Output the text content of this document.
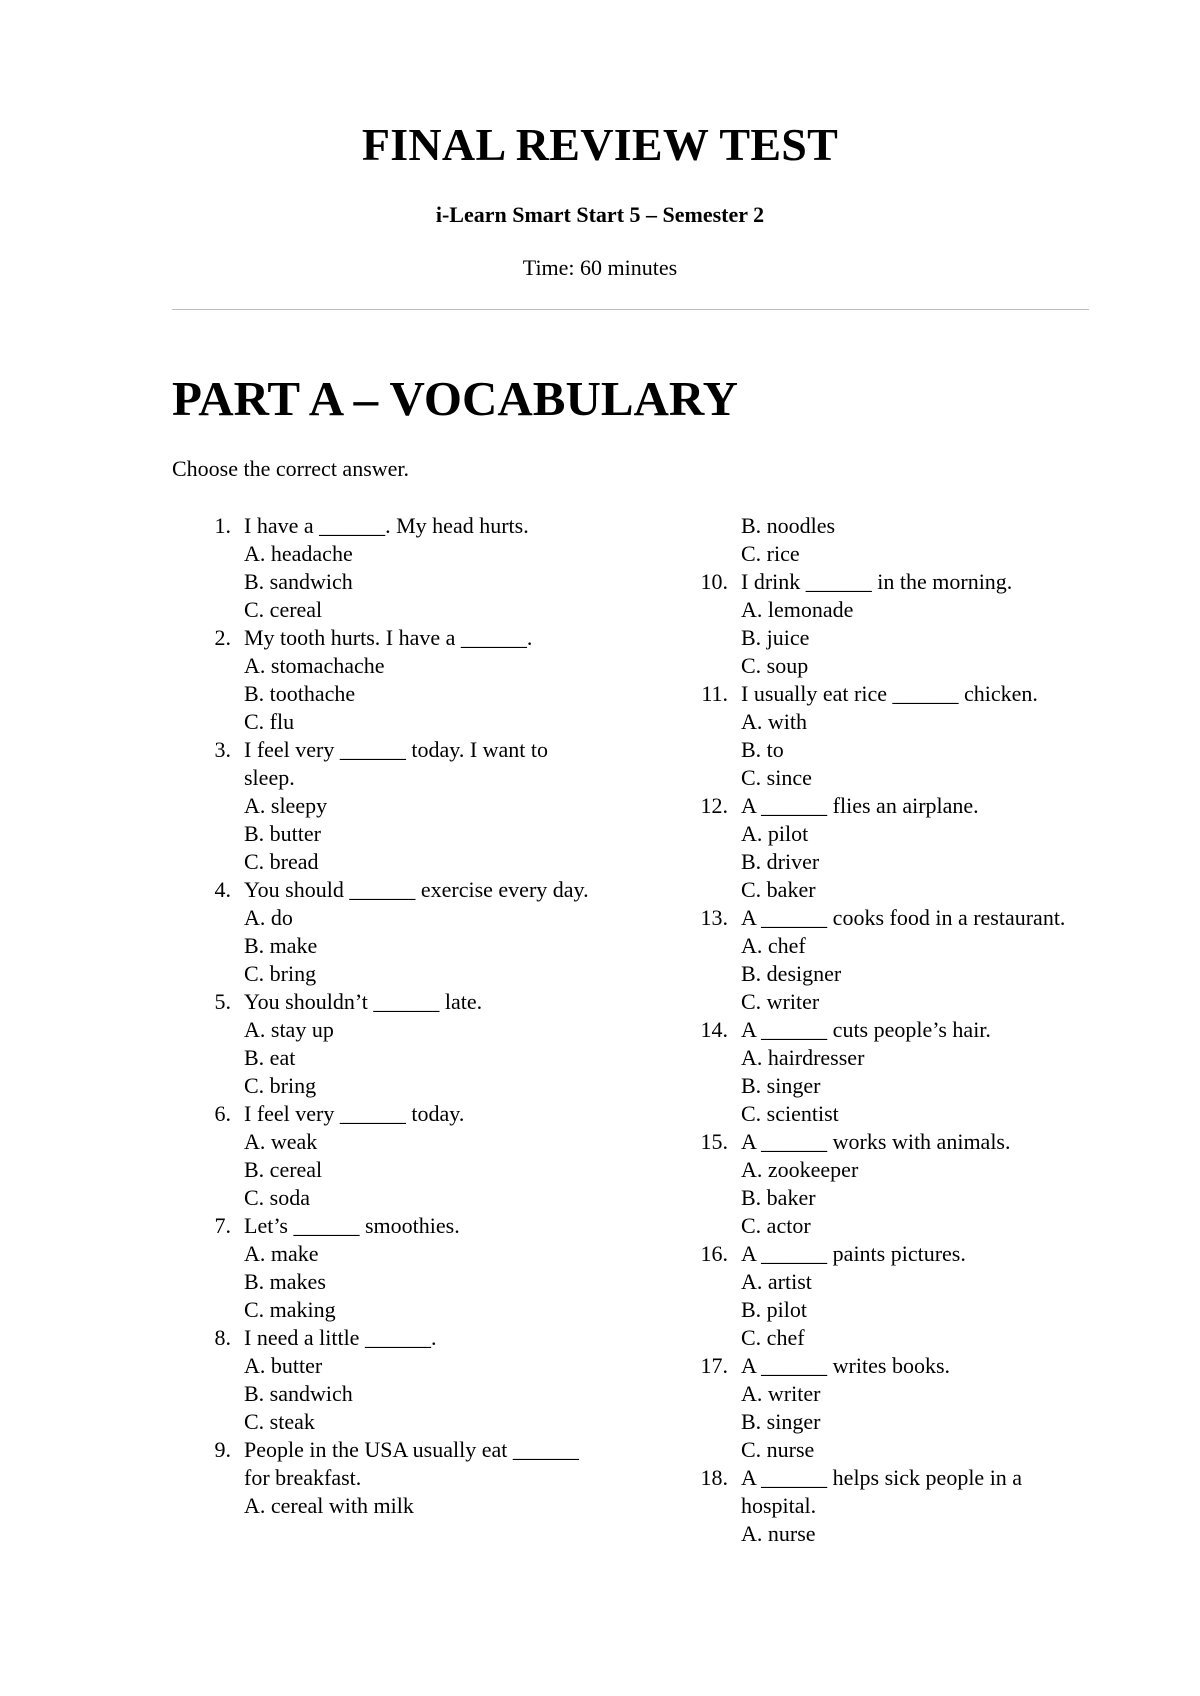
FINAL REVIEW TEST
i-Learn Smart Start 5 – Semester 2
Time: 60 minutes
PART A – VOCABULARY
Choose the correct answer.
1. I have a ______. My head hurts.
A. headache
B. sandwich
C. cereal
2. My tooth hurts. I have a ______.
A. stomachache
B. toothache
C. flu
3. I feel very ______ today. I want to sleep.
A. sleepy
B. butter
C. bread
4. You should ______ exercise every day.
A. do
B. make
C. bring
5. You shouldn’t ______ late.
A. stay up
B. eat
C. bring
6. I feel very ______ today.
A. weak
B. cereal
C. soda
7. Let’s ______ smoothies.
A. make
B. makes
C. making
8. I need a little ______.
A. butter
B. sandwich
C. steak
9. People in the USA usually eat ______ for breakfast.
A. cereal with milk
B. noodles
C. rice
10. I drink ______ in the morning.
A. lemonade
B. juice
C. soup
11. I usually eat rice ______ chicken.
A. with
B. to
C. since
12. A ______ flies an airplane.
A. pilot
B. driver
C. baker
13. A ______ cooks food in a restaurant.
A. chef
B. designer
C. writer
14. A ______ cuts people’s hair.
A. hairdresser
B. singer
C. scientist
15. A ______ works with animals.
A. zookeeper
B. baker
C. actor
16. A ______ paints pictures.
A. artist
B. pilot
C. chef
17. A ______ writes books.
A. writer
B. singer
C. nurse
18. A ______ helps sick people in a hospital.
A. nurse
